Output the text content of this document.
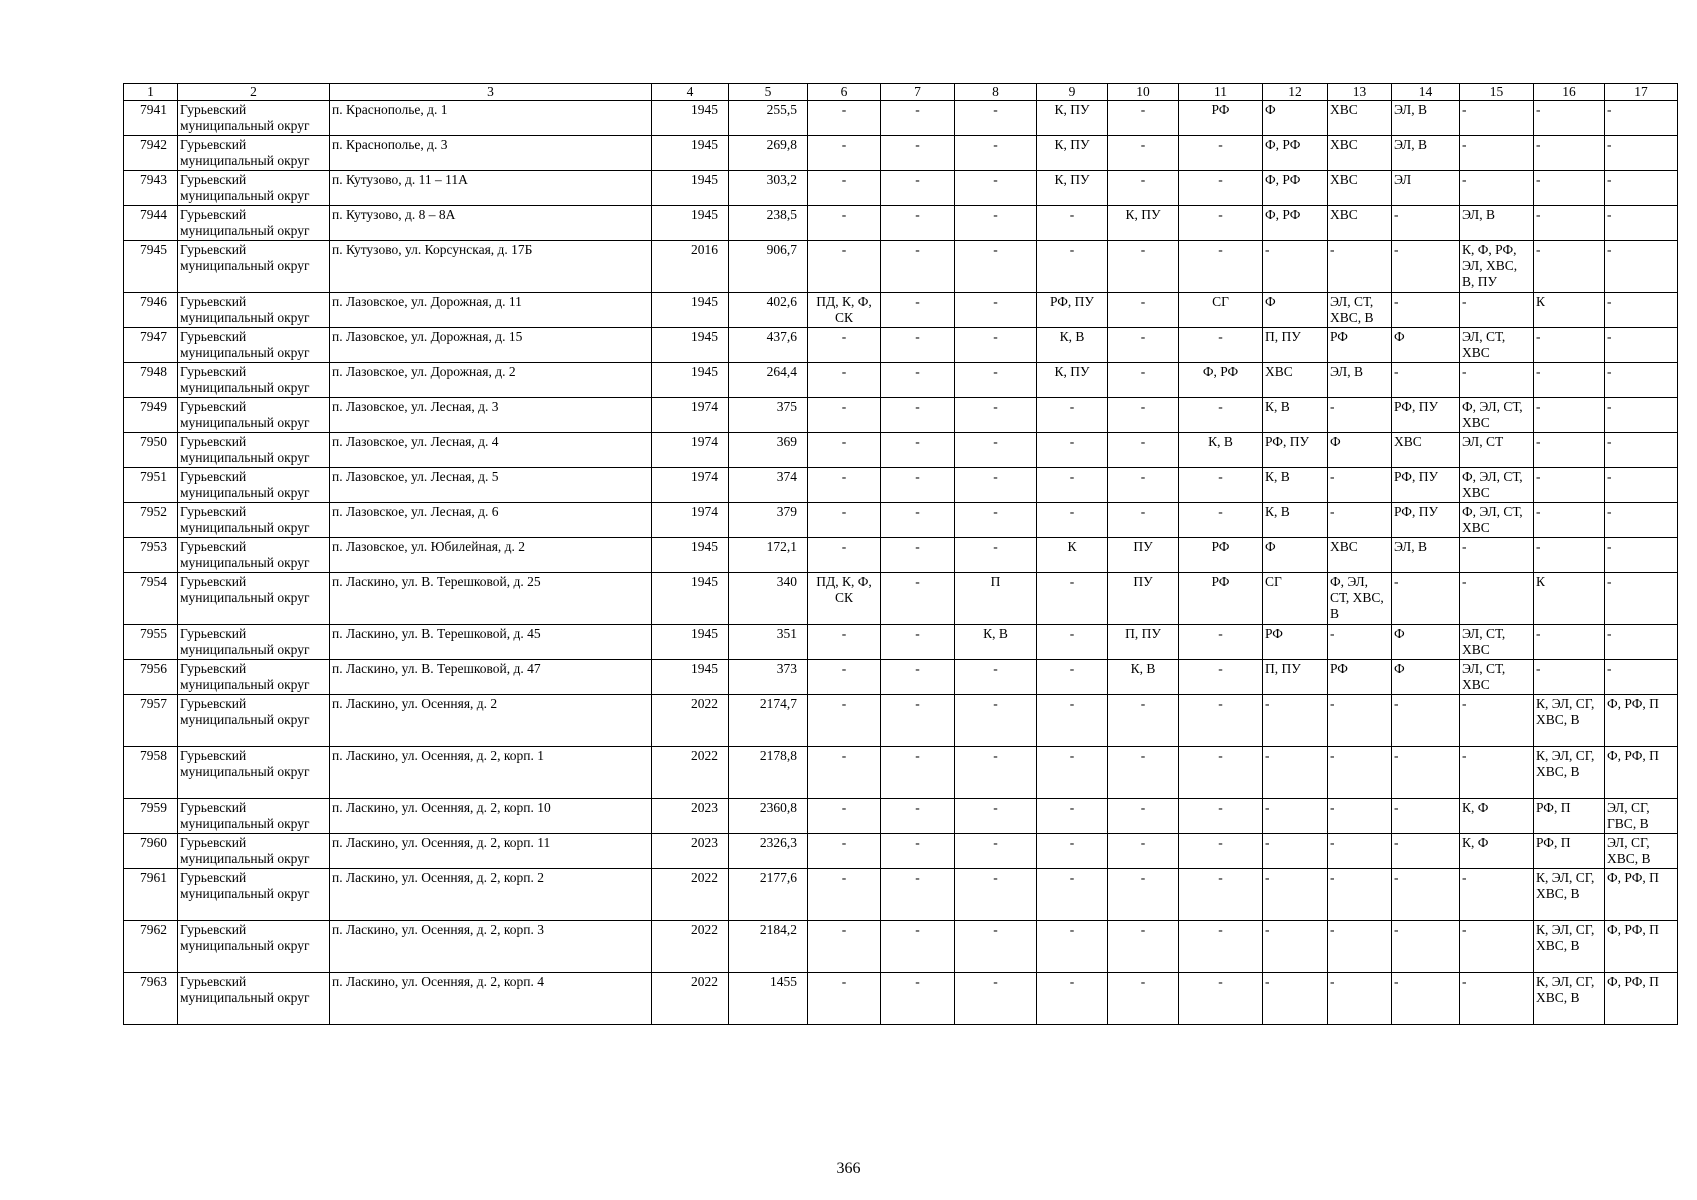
1	2	3	4	5	6	7	8	9	10	11	12	13	14	15	16	17
7941	Гурьевский муниципальный округ	п. Краснополье, д. 1	1945	255,5	-	-	-	К, ПУ	-	РФ	Ф	ХВС	ЭЛ, В	-	-	-
7942	Гурьевский муниципальный округ	п. Краснополье, д. 3	1945	269,8	-	-	-	К, ПУ	-	-	Ф, РФ	ХВС	ЭЛ, В	-	-	-
7943	Гурьевский муниципальный округ	п. Кутузово, д. 11 – 11А	1945	303,2	-	-	-	К, ПУ	-	-	Ф, РФ	ХВС	ЭЛ	-	-	-
7944	Гурьевский муниципальный округ	п. Кутузово, д. 8 – 8А	1945	238,5	-	-	-	-	К, ПУ	-	Ф, РФ	ХВС	-	ЭЛ, В	-	-
7945	Гурьевский муниципальный округ	п. Кутузово, ул. Корсунская, д. 17Б	2016	906,7	-	-	-	-	-	-	-	-	-	К, Ф, РФ, ЭЛ, ХВС, В, ПУ	-	-
7946	Гурьевский муниципальный округ	п. Лазовское, ул. Дорожная, д. 11	1945	402,6	ПД, К, Ф, СК	-	-	РФ, ПУ	-	СГ	Ф	ЭЛ, СТ, ХВС, В	-	-	К	-
7947	Гурьевский муниципальный округ	п. Лазовское, ул. Дорожная, д. 15	1945	437,6	-	-	-	К, В	-	-	П, ПУ	РФ	Ф	ЭЛ, СТ, ХВС	-	-
7948	Гурьевский муниципальный округ	п. Лазовское, ул. Дорожная, д. 2	1945	264,4	-	-	-	К, ПУ	-	Ф, РФ	ХВС	ЭЛ, В	-	-	-	-
7949	Гурьевский муниципальный округ	п. Лазовское, ул. Лесная, д. 3	1974	375	-	-	-	-	-	-	К, В	-	РФ, ПУ	Ф, ЭЛ, СТ, ХВС	-	-
7950	Гурьевский муниципальный округ	п. Лазовское, ул. Лесная, д. 4	1974	369	-	-	-	-	-	К, В	РФ, ПУ	Ф	ХВС	ЭЛ, СТ	-	-
7951	Гурьевский муниципальный округ	п. Лазовское, ул. Лесная, д. 5	1974	374	-	-	-	-	-	-	К, В	-	РФ, ПУ	Ф, ЭЛ, СТ, ХВС	-	-
7952	Гурьевский муниципальный округ	п. Лазовское, ул. Лесная, д. 6	1974	379	-	-	-	-	-	-	К, В	-	РФ, ПУ	Ф, ЭЛ, СТ, ХВС	-	-
7953	Гурьевский муниципальный округ	п. Лазовское, ул. Юбилейная, д. 2	1945	172,1	-	-	-	К	ПУ	РФ	Ф	ХВС	ЭЛ, В	-	-	-
7954	Гурьевский муниципальный округ	п. Ласкино, ул. В. Терешковой, д. 25	1945	340	ПД, К, Ф, СК	-	П	-	ПУ	РФ	СГ	Ф, ЭЛ, СТ, ХВС, В	-	-	К	-
7955	Гурьевский муниципальный округ	п. Ласкино, ул. В. Терешковой, д. 45	1945	351	-	-	К, В	-	П, ПУ	-	РФ	-	Ф	ЭЛ, СТ, ХВС	-	-
7956	Гурьевский муниципальный округ	п. Ласкино, ул. В. Терешковой, д. 47	1945	373	-	-	-	-	К, В	-	П, ПУ	РФ	Ф	ЭЛ, СТ, ХВС	-	-
7957	Гурьевский муниципальный округ	п. Ласкино, ул. Осенняя, д. 2	2022	2174,7	-	-	-	-	-	-	-	-	-	-	К, ЭЛ, СГ, ХВС, В	Ф, РФ, П
7958	Гурьевский муниципальный округ	п. Ласкино, ул. Осенняя, д. 2, корп. 1	2022	2178,8	-	-	-	-	-	-	-	-	-	-	К, ЭЛ, СГ, ХВС, В	Ф, РФ, П
7959	Гурьевский муниципальный округ	п. Ласкино, ул. Осенняя, д. 2, корп. 10	2023	2360,8	-	-	-	-	-	-	-	-	-	К, Ф	РФ, П	ЭЛ, СГ, ГВС, В
7960	Гурьевский муниципальный округ	п. Ласкино, ул. Осенняя, д. 2, корп. 11	2023	2326,3	-	-	-	-	-	-	-	-	-	К, Ф	РФ, П	ЭЛ, СГ, ХВС, В
7961	Гурьевский муниципальный округ	п. Ласкино, ул. Осенняя, д. 2, корп. 2	2022	2177,6	-	-	-	-	-	-	-	-	-	-	К, ЭЛ, СГ, ХВС, В	Ф, РФ, П
7962	Гурьевский муниципальный округ	п. Ласкино, ул. Осенняя, д. 2, корп. 3	2022	2184,2	-	-	-	-	-	-	-	-	-	-	К, ЭЛ, СГ, ХВС, В	Ф, РФ, П
7963	Гурьевский муниципальный округ	п. Ласкино, ул. Осенняя, д. 2, корп. 4	2022	1455	-	-	-	-	-	-	-	-	-	-	К, ЭЛ, СГ, ХВС, В	Ф, РФ, П
366
